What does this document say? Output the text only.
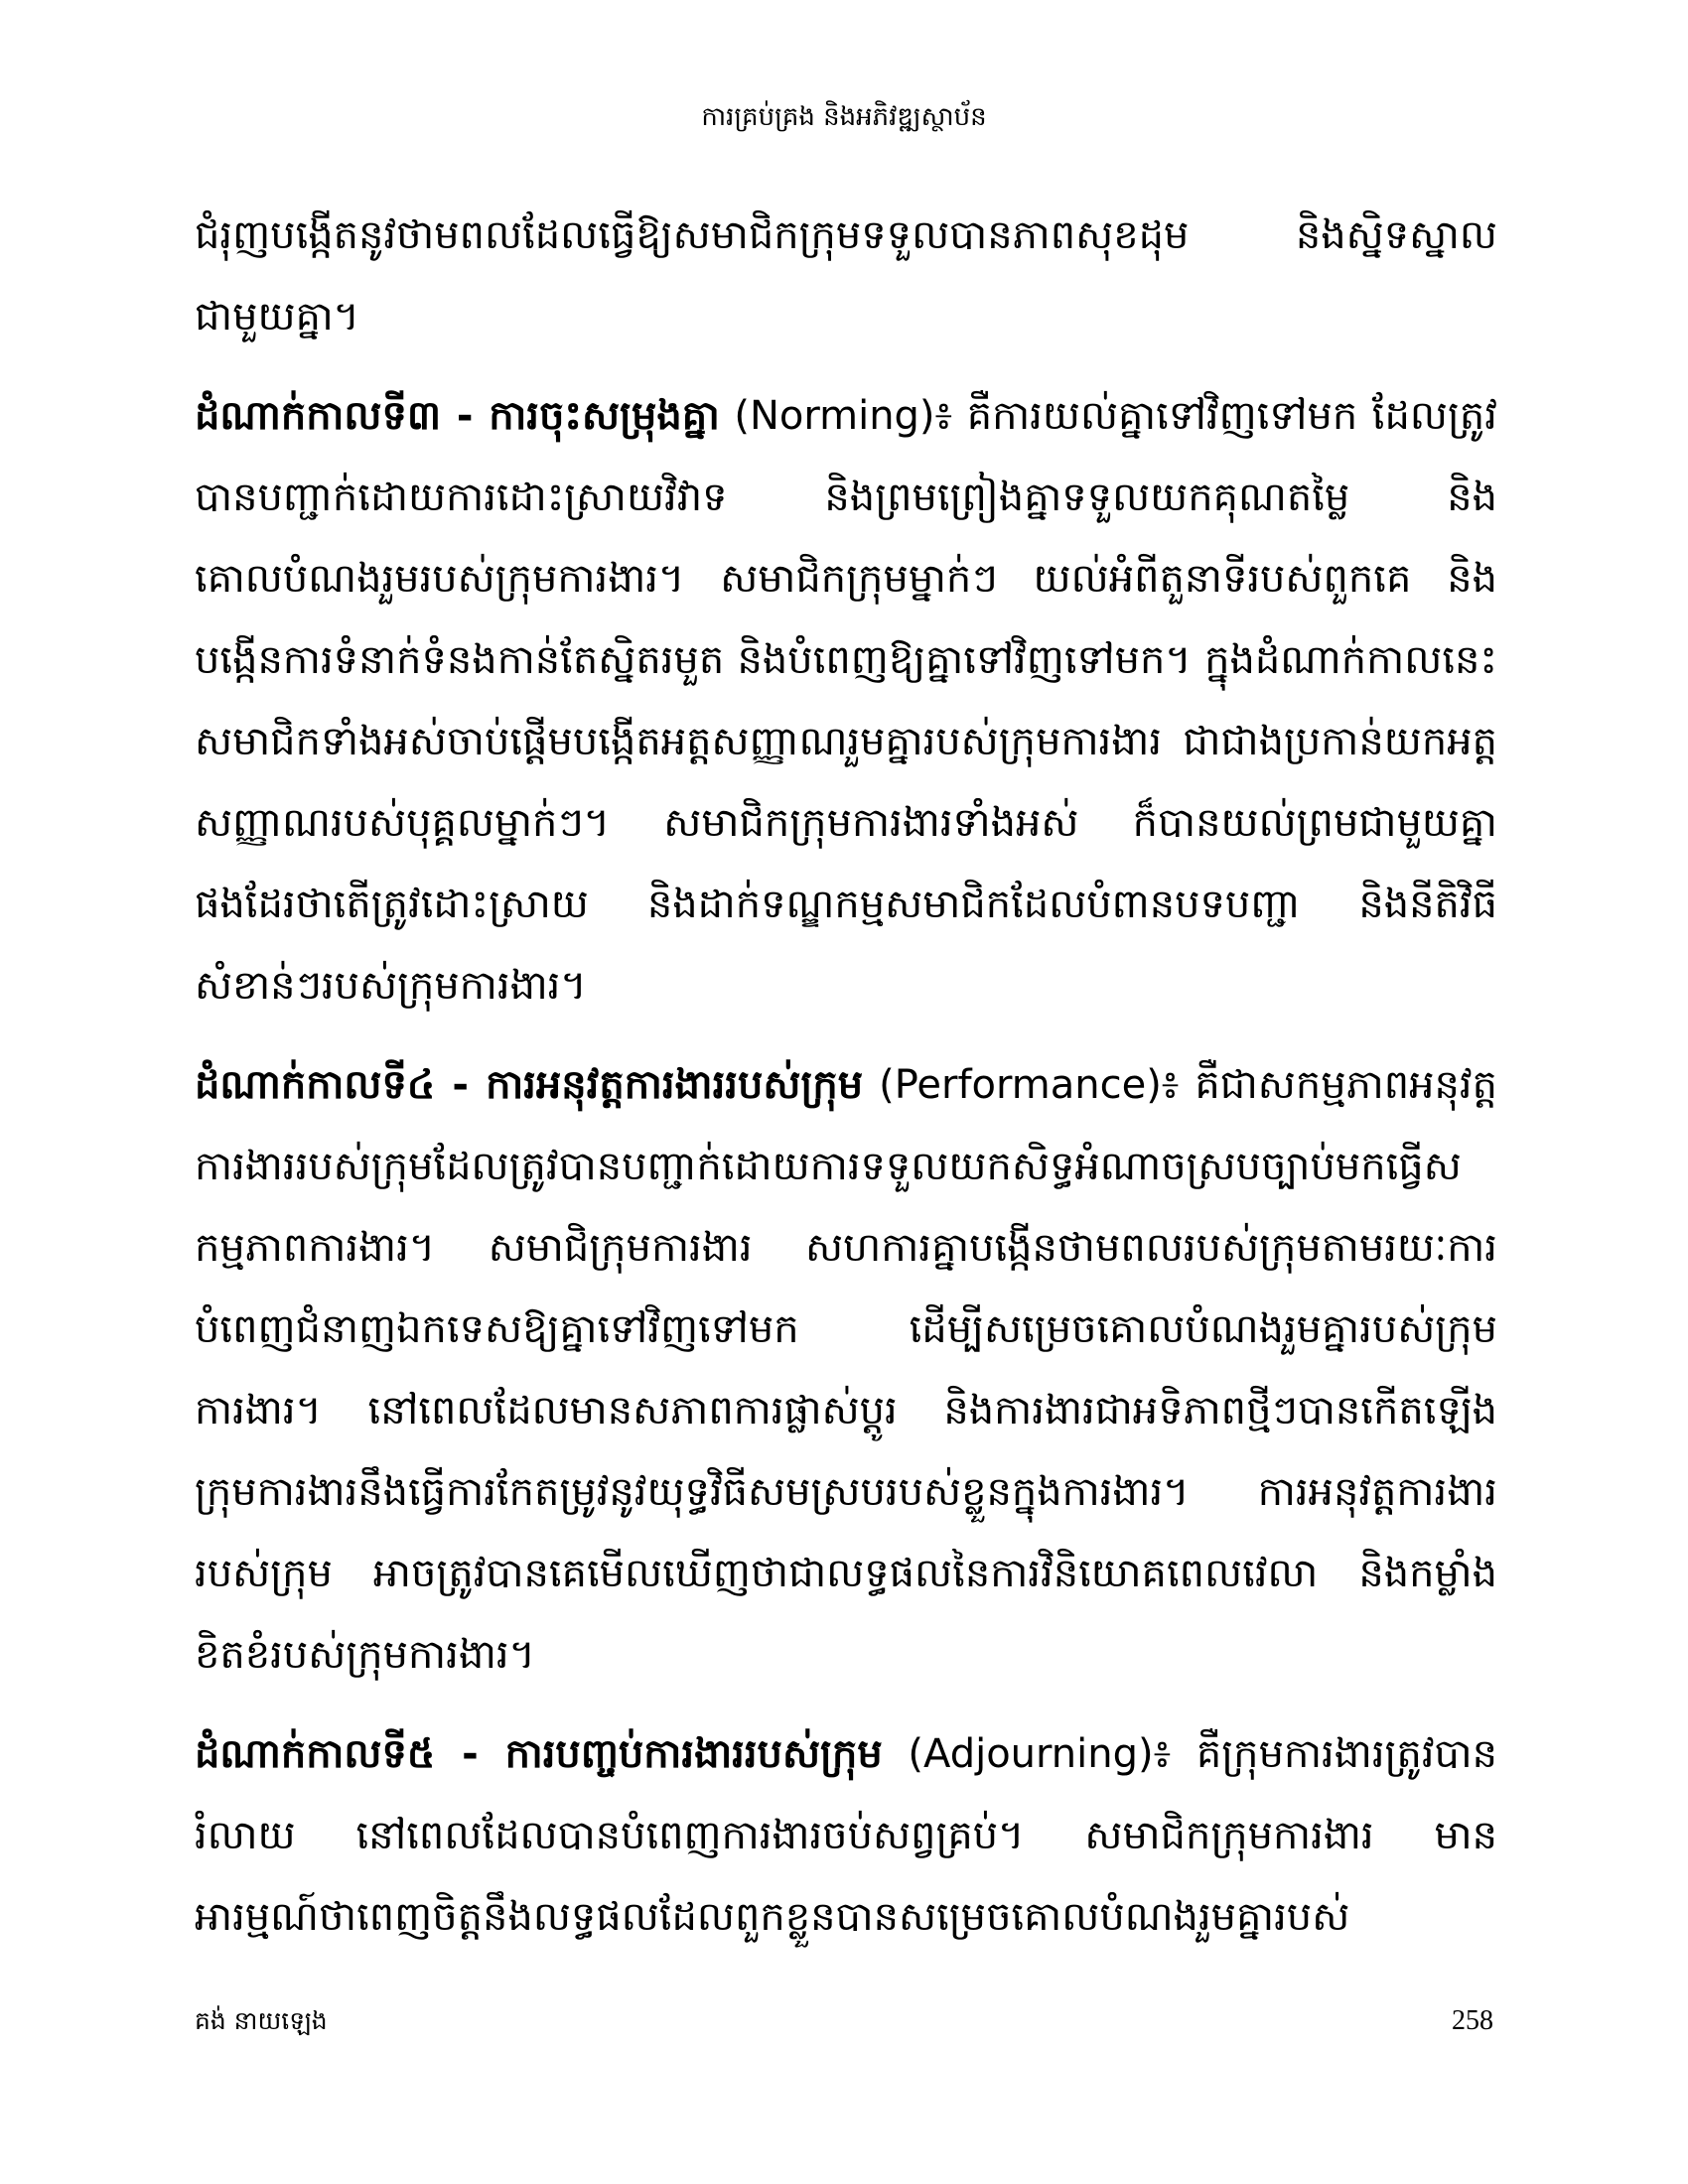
ការគ្រប់គ្រង និងអភិវឌ្ឍស្ថាប័ន

ជំរុញបង្កើតនូវថាមពលដែលធ្វើឱ្យសមាជិកក្រុមទទួលបានភាពសុខដុម និងស្និទស្នាលជាមួយគ្នា។

ដំណាក់កាលទី៣ - ការចុះសម្រុងគ្នា (Norming)៖ គឺការយល់គ្នាទៅវិញទៅមក ដែលត្រូវបានបញ្ជាក់ដោយការដោះស្រាយវិវាទ និងព្រមព្រៀងគ្នាទទួលយកគុណតម្លៃ និងគោលបំណងរួមរបស់ក្រុមការងារ។ សមាជិកក្រុមម្នាក់ៗ យល់អំពីតួនាទីរបស់ពួកគេ និងបង្កើនការទំនាក់ទំនងកាន់តែស្និតរមួត និងបំពេញឱ្យគ្នាទៅវិញទៅមក។ ក្នុងដំណាក់កាលនេះ សមាជិកទាំងអស់ចាប់ផ្តើមបង្កើតអត្តសញ្ញាណរួមគ្នារបស់ក្រុមការងារ ជាជាងប្រកាន់យកអត្តសញ្ញាណរបស់បុគ្គលម្នាក់ៗ។ សមាជិកក្រុមការងារទាំងអស់ ក៏បានយល់ព្រមជាមួយគ្នាផងដែរថាតើត្រូវដោះស្រាយ និងដាក់ទណ្ឌកម្មសមាជិកដែលបំពានបទបញ្ជា និងនីតិវិធីសំខាន់ៗរបស់ក្រុមការងារ។

ដំណាក់កាលទី៤ - ការអនុវត្តការងាររបស់ក្រុម (Performance)៖ គឺជាសកម្មភាពអនុវត្តការងាររបស់ក្រុមដែលត្រូវបានបញ្ជាក់ដោយការទទួលយកសិទ្ធអំណាចស្របច្បាប់មកធ្វើសកម្មភាពការងារ។ សមាជិក្រុមការងារ សហការគ្នាបង្កើនថាមពលរបស់ក្រុមតាមរយៈការបំពេញជំនាញឯកទេសឱ្យគ្នាទៅវិញទៅមក ដើម្បីសម្រេចគោលបំណងរួមគ្នារបស់ក្រុមការងារ។ នៅពេលដែលមានសភាពការផ្លាស់ប្តូរ និងការងារជាអទិភាពថ្មីៗបានកើតឡើង ក្រុមការងារនឹងធ្វើការកែតម្រូវនូវយុទ្ធវិធីសមស្របរបស់ខ្លួនក្នុងការងារ។ ការអនុវត្តការងាររបស់ក្រុម អាចត្រូវបានគេមើលឃើញថាជាលទ្ធផលនៃការវិនិយោគពេលវេលា និងកម្លាំងខិតខំរបស់ក្រុមការងារ។

ដំណាក់កាលទី៥ - ការបញ្ចប់ការងាររបស់ក្រុម (Adjourning)៖ គឺក្រុមការងារត្រូវបានរំលាយ នៅពេលដែលបានបំពេញការងារចប់សព្វគ្រប់។ សមាជិកក្រុមការងារ មានអារម្មណ៍ថាពេញចិត្តនឹងលទ្ធផលដែលពួកខ្លួនបានសម្រេចគោលបំណងរួមគ្នារបស់

គង់ នាយឡេង	258
